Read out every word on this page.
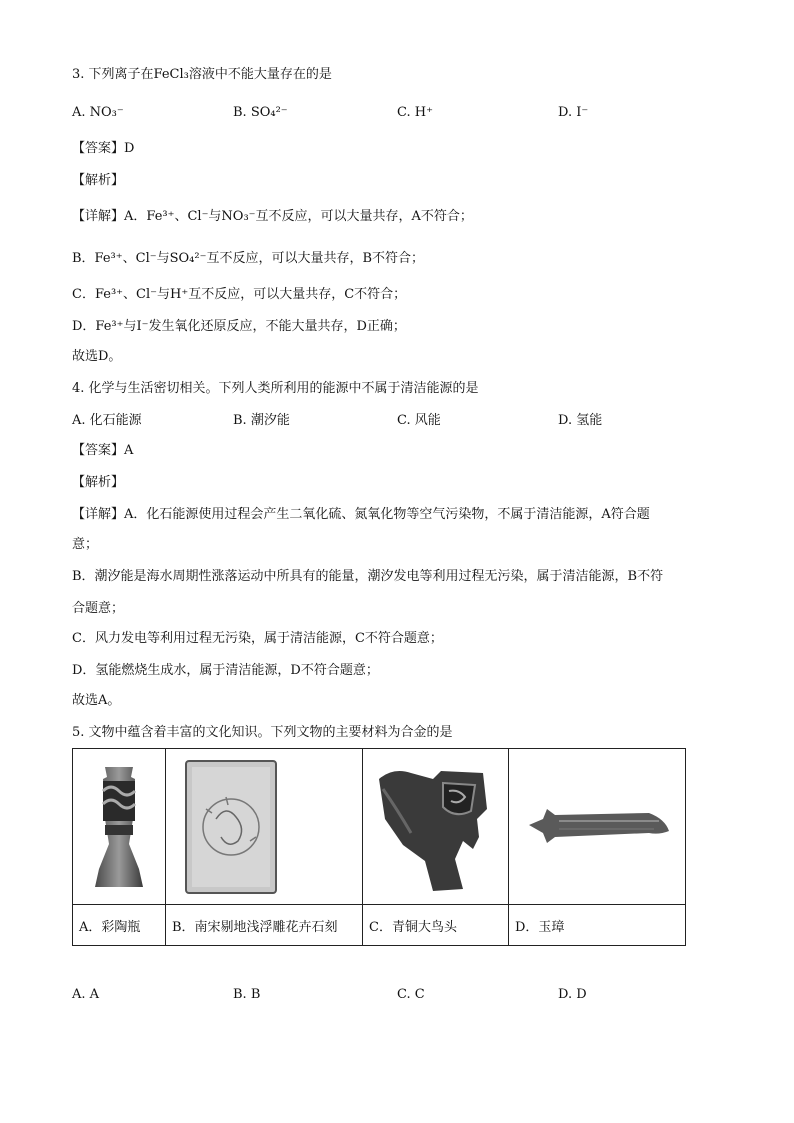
3. 下列离子在FeCl₃溶液中不能大量存在的是
A. NO₃⁻	B. SO₄²⁻	C. H⁺	D. I⁻
【答案】D
【解析】
【详解】A．Fe³⁺、Cl⁻与NO₃⁻互不反应，可以大量共存，A不符合；
B．Fe³⁺、Cl⁻与SO₄²⁻互不反应，可以大量共存，B不符合；
C．Fe³⁺、Cl⁻与H⁺互不反应，可以大量共存，C不符合；
D．Fe³⁺与I⁻发生氧化还原反应，不能大量共存，D正确；
故选D。
4. 化学与生活密切相关。下列人类所利用的能源中不属于清洁能源的是
A. 化石能源	B. 潮汐能	C. 风能	D. 氢能
【答案】A
【解析】
【详解】A．化石能源使用过程会产生二氧化硫、氮氧化物等空气污染物，不属于清洁能源，A符合题
意；
B．潮汐能是海水周期性涨落运动中所具有的能量，潮汐发电等利用过程无污染，属于清洁能源，B不符
合题意；
C．风力发电等利用过程无污染，属于清洁能源，C不符合题意；
D．氢能燃烧生成水，属于清洁能源，D不符合题意；
故选A。
5. 文物中蕴含着丰富的文化知识。下列文物的主要材料为合金的是

A．彩陶瓶	B．南宋剔地浅浮雕花卉石刻	C．青铜大鸟头	D．玉璋
A. A	B. B	C. C	D. D
